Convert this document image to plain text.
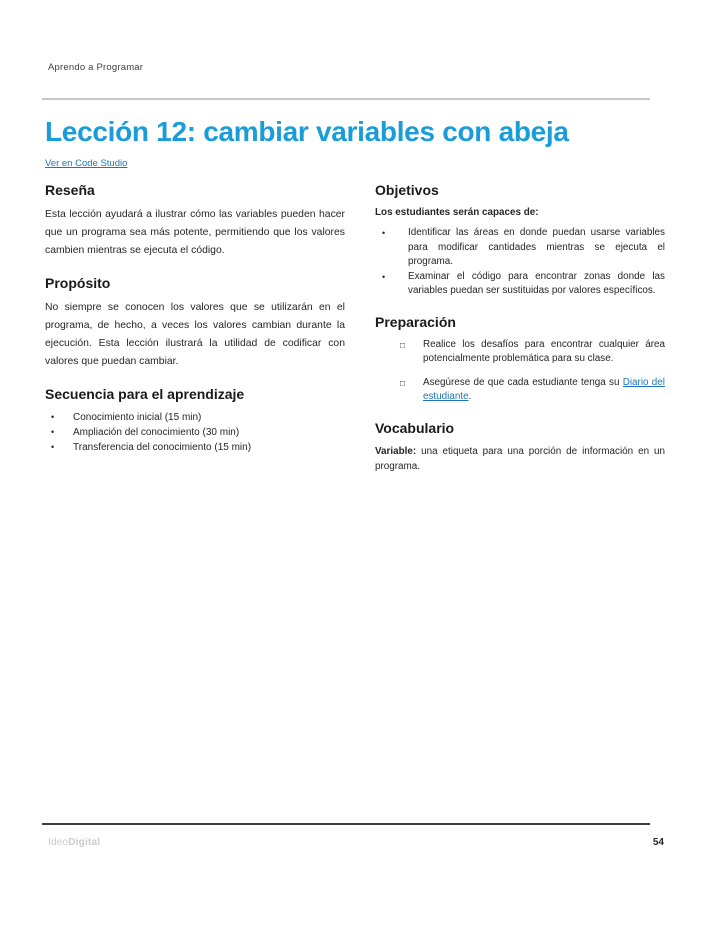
Aprendo a Programar
Lección 12: cambiar variables con abeja
Ver en Code Studio
Reseña

Esta lección ayudará a ilustrar cómo las variables pueden hacer que un programa sea más potente, permitiendo que los valores cambien mientras se ejecuta el código.

Propósito

No siempre se conocen los valores que se utilizarán en el programa, de hecho, a veces los valores cambian durante la ejecución. Esta lección ilustrará la utilidad de codificar con valores que puedan cambiar.

Secuencia para el aprendizaje
•	Conocimiento inicial (15 min)
•	Ampliación del conocimiento (30 min)
•	Transferencia del conocimiento (15 min)
Objetivos

Los estudiantes serán capaces de:

•	Identificar las áreas en donde puedan usarse variables para modificar cantidades mientras se ejecuta el programa.
•	Examinar el código para encontrar zonas donde las variables puedan ser sustituidas por valores específicos.
Preparación
□	Realice los desafíos para encontrar cualquier área potencialmente problemática para su clase.
□	Asegúrese de que cada estudiante tenga su Diario del estudiante.
Vocabulario

Variable: una etiqueta para una porción de información en un programa.

IdeoDigital	54
